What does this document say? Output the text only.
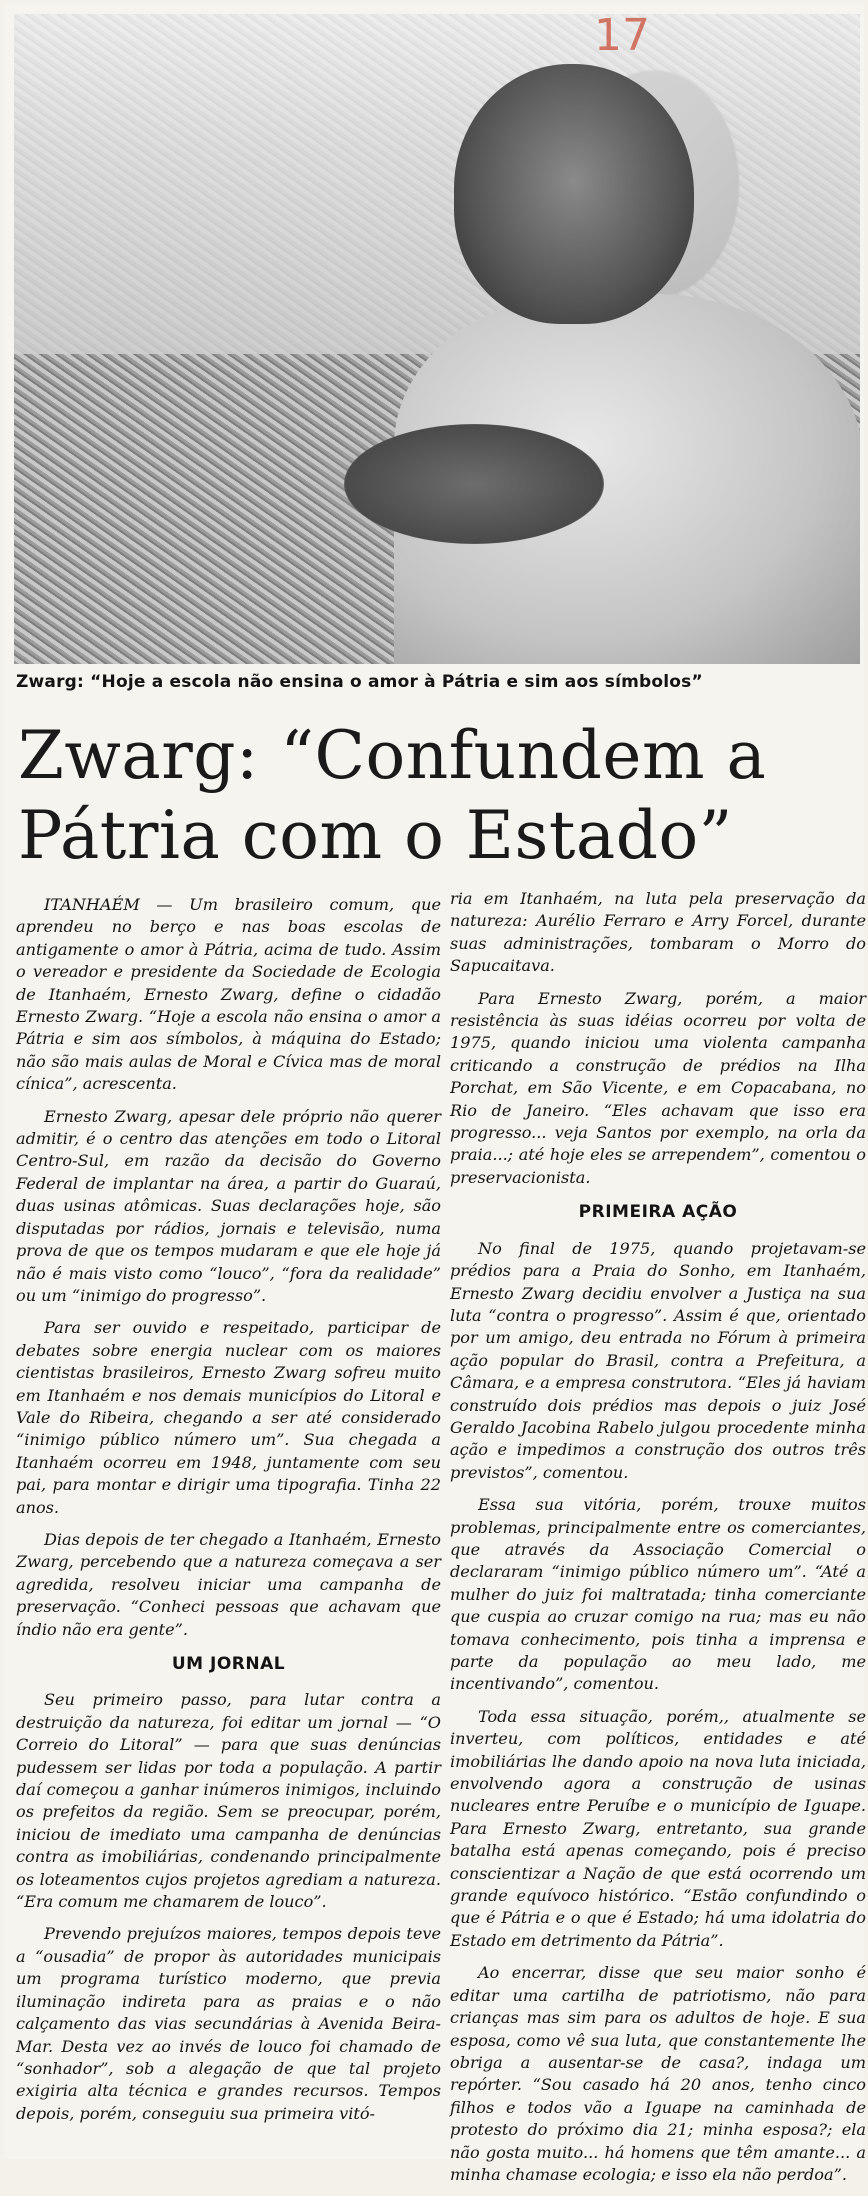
17
Zwarg: “Hoje a escola não ensina o amor à Pátria e sim aos símbolos”
Zwarg: “Confundem a
Pátria com o Estado”

ITANHAÉM — Um brasileiro comum, que aprendeu no berço e nas boas escolas de antigamente o amor à Pátria, acima de tudo. Assim o vereador e presidente da Sociedade de Ecologia de Itanhaém, Ernesto Zwarg, define o cidadão Ernesto Zwarg. “Hoje a escola não ensina o amor a Pátria e sim aos símbolos, à máquina do Estado; não são mais aulas de Moral e Cívica mas de moral cínica”, acrescenta.

Ernesto Zwarg, apesar dele próprio não querer admitir, é o centro das atenções em todo o Litoral Centro-Sul, em razão da decisão do Governo Federal de implantar na área, a partir do Guaraú, duas usinas atômicas. Suas declarações hoje, são disputadas por rádios, jornais e televisão, numa prova de que os tempos mudaram e que ele hoje já não é mais visto como “louco”, “fora da realidade” ou um “inimigo do progresso”.

Para ser ouvido e respeitado, participar de debates sobre energia nuclear com os maiores cientistas brasileiros, Ernesto Zwarg sofreu muito em Itanhaém e nos demais municípios do Litoral e Vale do Ribeira, chegando a ser até considerado “inimigo público número um”. Sua chegada a Itanhaém ocorreu em 1948, juntamente com seu pai, para montar e dirigir uma tipografia. Tinha 22 anos.

Dias depois de ter chegado a Itanhaém, Ernesto Zwarg, percebendo que a natureza começava a ser agredida, resolveu iniciar uma campanha de preservação. “Conheci pessoas que achavam que índio não era gente”.

UM JORNAL

Seu primeiro passo, para lutar contra a destruição da natureza, foi editar um jornal — “O Correio do Litoral” — para que suas denúncias pudessem ser lidas por toda a população. A partir daí começou a ganhar inúmeros inimigos, incluindo os prefeitos da região. Sem se preocupar, porém, iniciou de imediato uma campanha de denúncias contra as imobiliárias, condenando principalmente os loteamentos cujos projetos agrediam a natureza. “Era comum me chamarem de louco”.

Prevendo prejuízos maiores, tempos depois teve a “ousadia” de propor às autoridades municipais um programa turístico moderno, que previa iluminação indireta para as praias e o não calçamento das vias secundárias à Avenida Beira-Mar. Desta vez ao invés de louco foi chamado de “sonhador”, sob a alegação de que tal projeto exigiria alta técnica e grandes recursos. Tempos depois, porém, conseguiu sua primeira vitó-

ria em Itanhaém, na luta pela preservação da natureza: Aurélio Ferraro e Arry Forcel, durante suas administrações, tombaram o Morro do Sapucaitava.

Para Ernesto Zwarg, porém, a maior resistência às suas idéias ocorreu por volta de 1975, quando iniciou uma violenta campanha criticando a construção de prédios na Ilha Porchat, em São Vicente, e em Copacabana, no Rio de Janeiro. “Eles achavam que isso era progresso... veja Santos por exemplo, na orla da praia...; até hoje eles se arrependem”, comentou o preservacionista.

PRIMEIRA AÇÃO

No final de 1975, quando projetavam-se prédios para a Praia do Sonho, em Itanhaém, Ernesto Zwarg decidiu envolver a Justiça na sua luta “contra o progresso”. Assim é que, orientado por um amigo, deu entrada no Fórum à primeira ação popular do Brasil, contra a Prefeitura, a Câmara, e a empresa construtora. “Eles já haviam construído dois prédios mas depois o juiz José Geraldo Jacobina Rabelo julgou procedente minha ação e impedimos a construção dos outros três previstos”, comentou.

Essa sua vitória, porém, trouxe muitos problemas, principalmente entre os comerciantes, que através da Associação Comercial o declararam “inimigo público número um”. “Até a mulher do juiz foi maltratada; tinha comerciante que cuspia ao cruzar comigo na rua; mas eu não tomava conhecimento, pois tinha a imprensa e parte da população ao meu lado, me incentivando”, comentou.

Toda essa situação, porém,, atualmente se inverteu, com políticos, entidades e até imobiliárias lhe dando apoio na nova luta iniciada, envolvendo agora a construção de usinas nucleares entre Peruíbe e o município de Iguape. Para Ernesto Zwarg, entretanto, sua grande batalha está apenas começando, pois é preciso conscientizar a Nação de que está ocorrendo um grande equívoco histórico. “Estão confundindo o que é Pátria e o que é Estado; há uma idolatria do Estado em detrimento da Pátria”.

Ao encerrar, disse que seu maior sonho é editar uma cartilha de patriotismo, não para crianças mas sim para os adultos de hoje. E sua esposa, como vê sua luta, que constantemente lhe obriga a ausentar-se de casa?, indaga um repórter. “Sou casado há 20 anos, tenho cinco filhos e todos vão a Iguape na caminhada de protesto do próximo dia 21; minha esposa?; ela não gosta muito... há homens que têm amante... a minha chamase ecologia; e isso ela não perdoa”.
